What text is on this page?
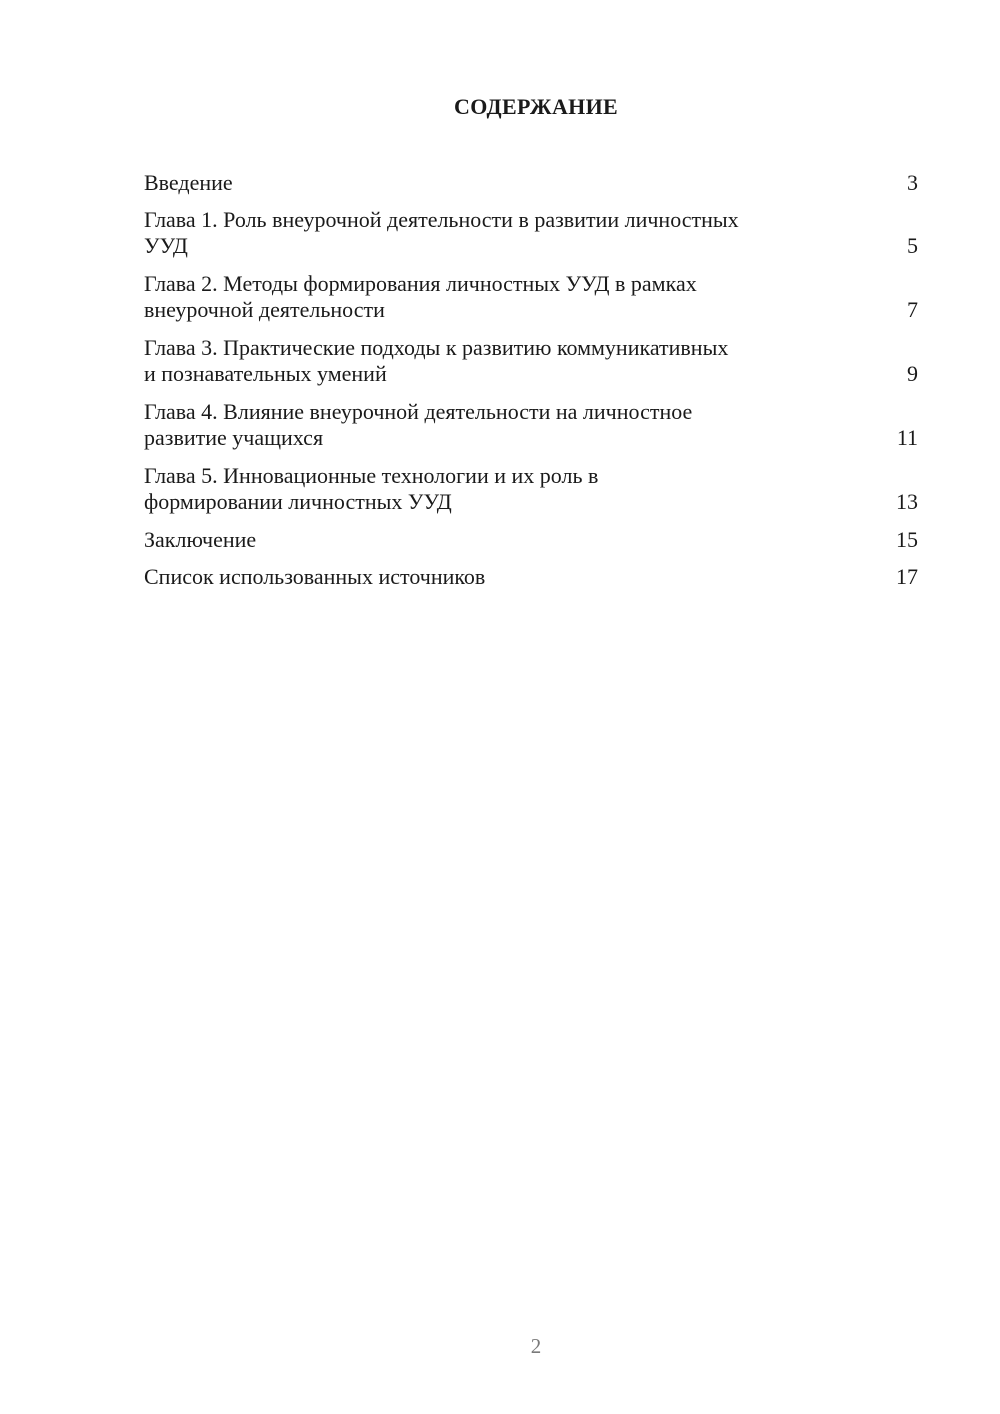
СОДЕРЖАНИЕ
Введение	3
Глава 1. Роль внеурочной деятельности в развитии личностных
УУД	5
Глава 2. Методы формирования личностных УУД в рамках
внеурочной деятельности	7
Глава 3. Практические подходы к развитию коммуникативных
и познавательных умений	9
Глава 4. Влияние внеурочной деятельности на личностное
развитие учащихся	11
Глава 5. Инновационные технологии и их роль в
формировании личностных УУД	13
Заключение	15
Список использованных источников	17
2
